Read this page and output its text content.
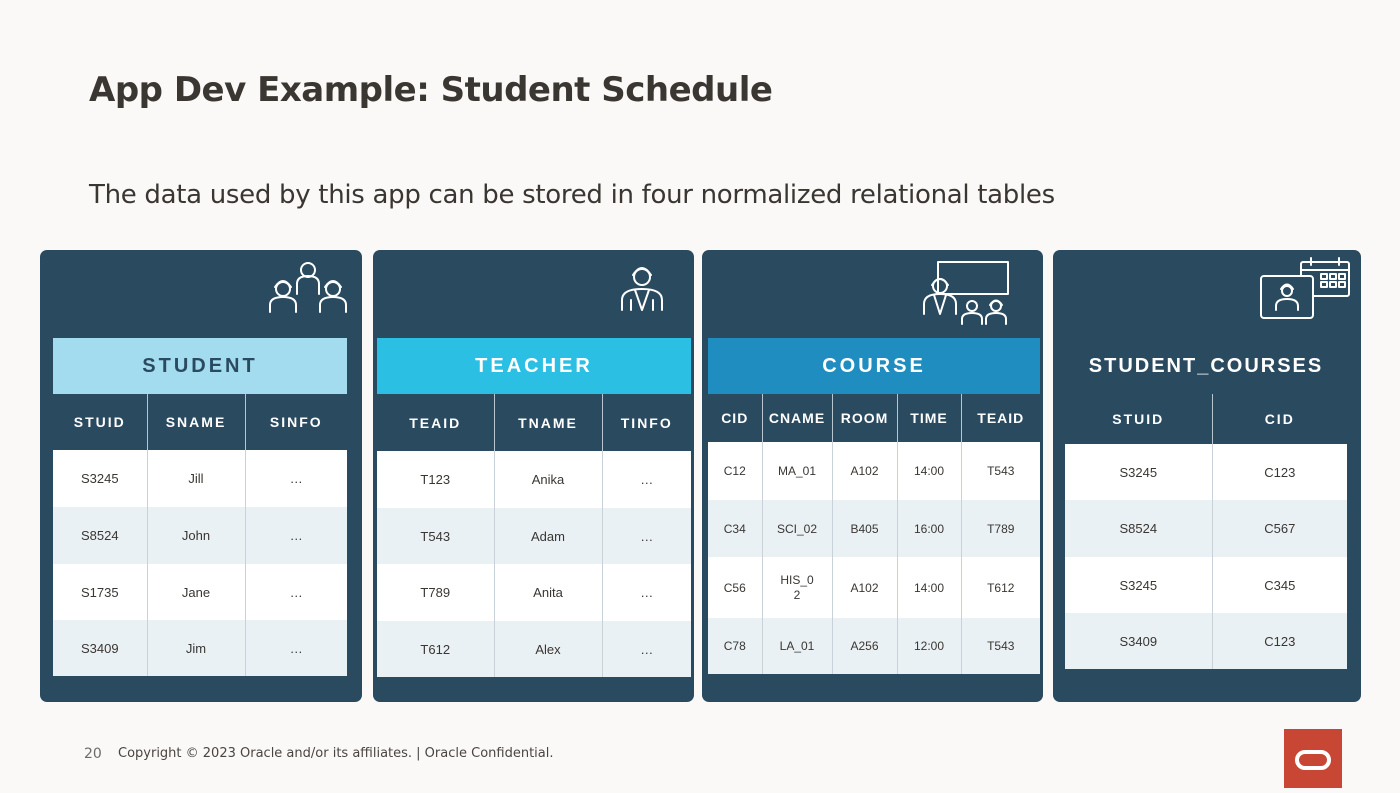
App Dev Example: Student Schedule

The data used by this app can be stored in four normalized relational tables

STUDENT		
STUID	SNAME	SINFO
S3245	Jill	…
S8524	John	…
S1735	Jane	…
S3409	Jim	…
TEACHER		
TEAID	TNAME	TINFO
T123	Anika	…
T543	Adam	…
T789	Anita	…
T612	Alex	…
COURSE				
CID	CNAME	ROOM	TIME	TEAID
C12	MA_01	A102	14:00	T543
C34	SCI_02	B405	16:00	T789
C56	HIS_0 2	A102	14:00	T612
C78	LA_01	A256	12:00	T543
STUDENT_COURSES	
STUID	CID
S3245	C123
S8524	C567
S3245	C345
S3409	C123
20 Copyright © 2023 Oracle and/or its affiliates. | Oracle Confidential.
